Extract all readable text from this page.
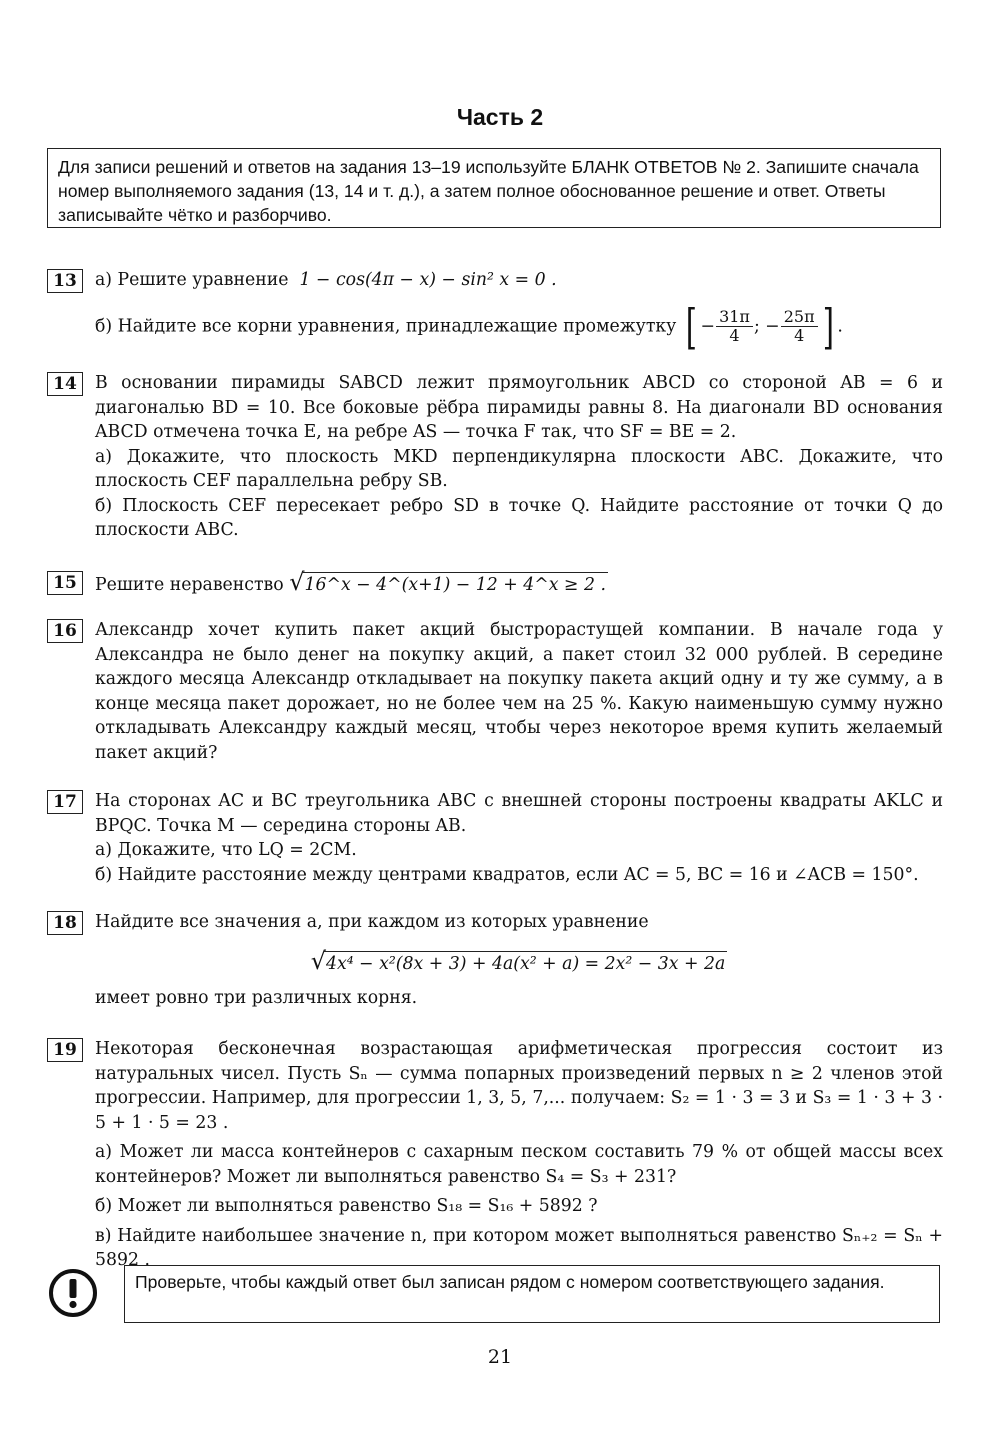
Часть 2
Для записи решений и ответов на задания 13–19 используйте БЛАНК ОТВЕТОВ № 2. Запишите сначала номер выполняемого задания (13, 14 и т. д.), а затем полное обоснованное решение и ответ. Ответы записывайте чётко и разборчиво.
13	а) Решите уравнение 1 − cos(4π − x) − sin² x = 0 .
б) Найдите все корни уравнения, принадлежащие промежутку [ − $\frac{31\pi}{4}$ ; − $\frac{25\pi}{4}$ ] .
14	В основании пирамиды SABCD лежит прямоугольник ABCD со стороной AB = 6 и диагональю BD = 10. Все боковые рёбра пирамиды равны 8. На диагонали BD основания ABCD отмечена точка E, на ребре AS — точка F так, что SF = BE = 2.
а) Докажите, что плоскость MKD перпендикулярна плоскости ABC. Докажите, что плоскость CEF параллельна ребру SB.
б) Плоскость CEF пересекает ребро SD в точке Q. Найдите расстояние от точки Q до плоскости ABC.
15	Решите неравенство √16^x − 4^(x+1) − 12 + 4^x ≥ 2 .
16	Александр хочет купить пакет акций быстрорастущей компании. В начале года у Александра не было денег на покупку акций, а пакет стоил 32 000 рублей. В середине каждого месяца Александр откладывает на покупку пакета акций одну и ту же сумму, а в конце месяца пакет дорожает, но не более чем на 25 %. Какую наименьшую сумму нужно откладывать Александру каждый месяц, чтобы через некоторое время купить желаемый пакет акций?
17	На сторонах AC и BC треугольника ABC с внешней стороны построены квадраты AKLC и BPQC. Точка M — середина стороны AB.
а) Докажите, что LQ = 2CM.
б) Найдите расстояние между центрами квадратов, если AC = 5, BC = 16 и ∠ACB = 150°.
18	Найдите все значения a, при каждом из которых уравнение
√4x⁴ − x²(8x + 3) + 4a(x² + a) = 2x² − 3x + 2a
имеет ровно три различных корня.
19	Некоторая бесконечная возрастающая арифметическая прогрессия состоит из натуральных чисел. Пусть Sₙ — сумма попарных произведений первых n ≥ 2 членов этой прогрессии. Например, для прогрессии 1, 3, 5, 7,... получаем: S₂ = 1 · 3 = 3 и S₃ = 1 · 3 + 3 · 5 + 1 · 5 = 23 .
а) Может ли масса контейнеров с сахарным песком составить 79 % от общей массы всех контейнеров? Может ли выполняться равенство S₄ = S₃ + 231?
б) Может ли выполняться равенство S₁₈ = S₁₆ + 5892 ?
в) Найдите наибольшее значение n, при котором может выполняться равенство Sₙ₊₂ = Sₙ + 5892 .
Проверьте, чтобы каждый ответ был записан рядом с номером соответствующего задания.
21
